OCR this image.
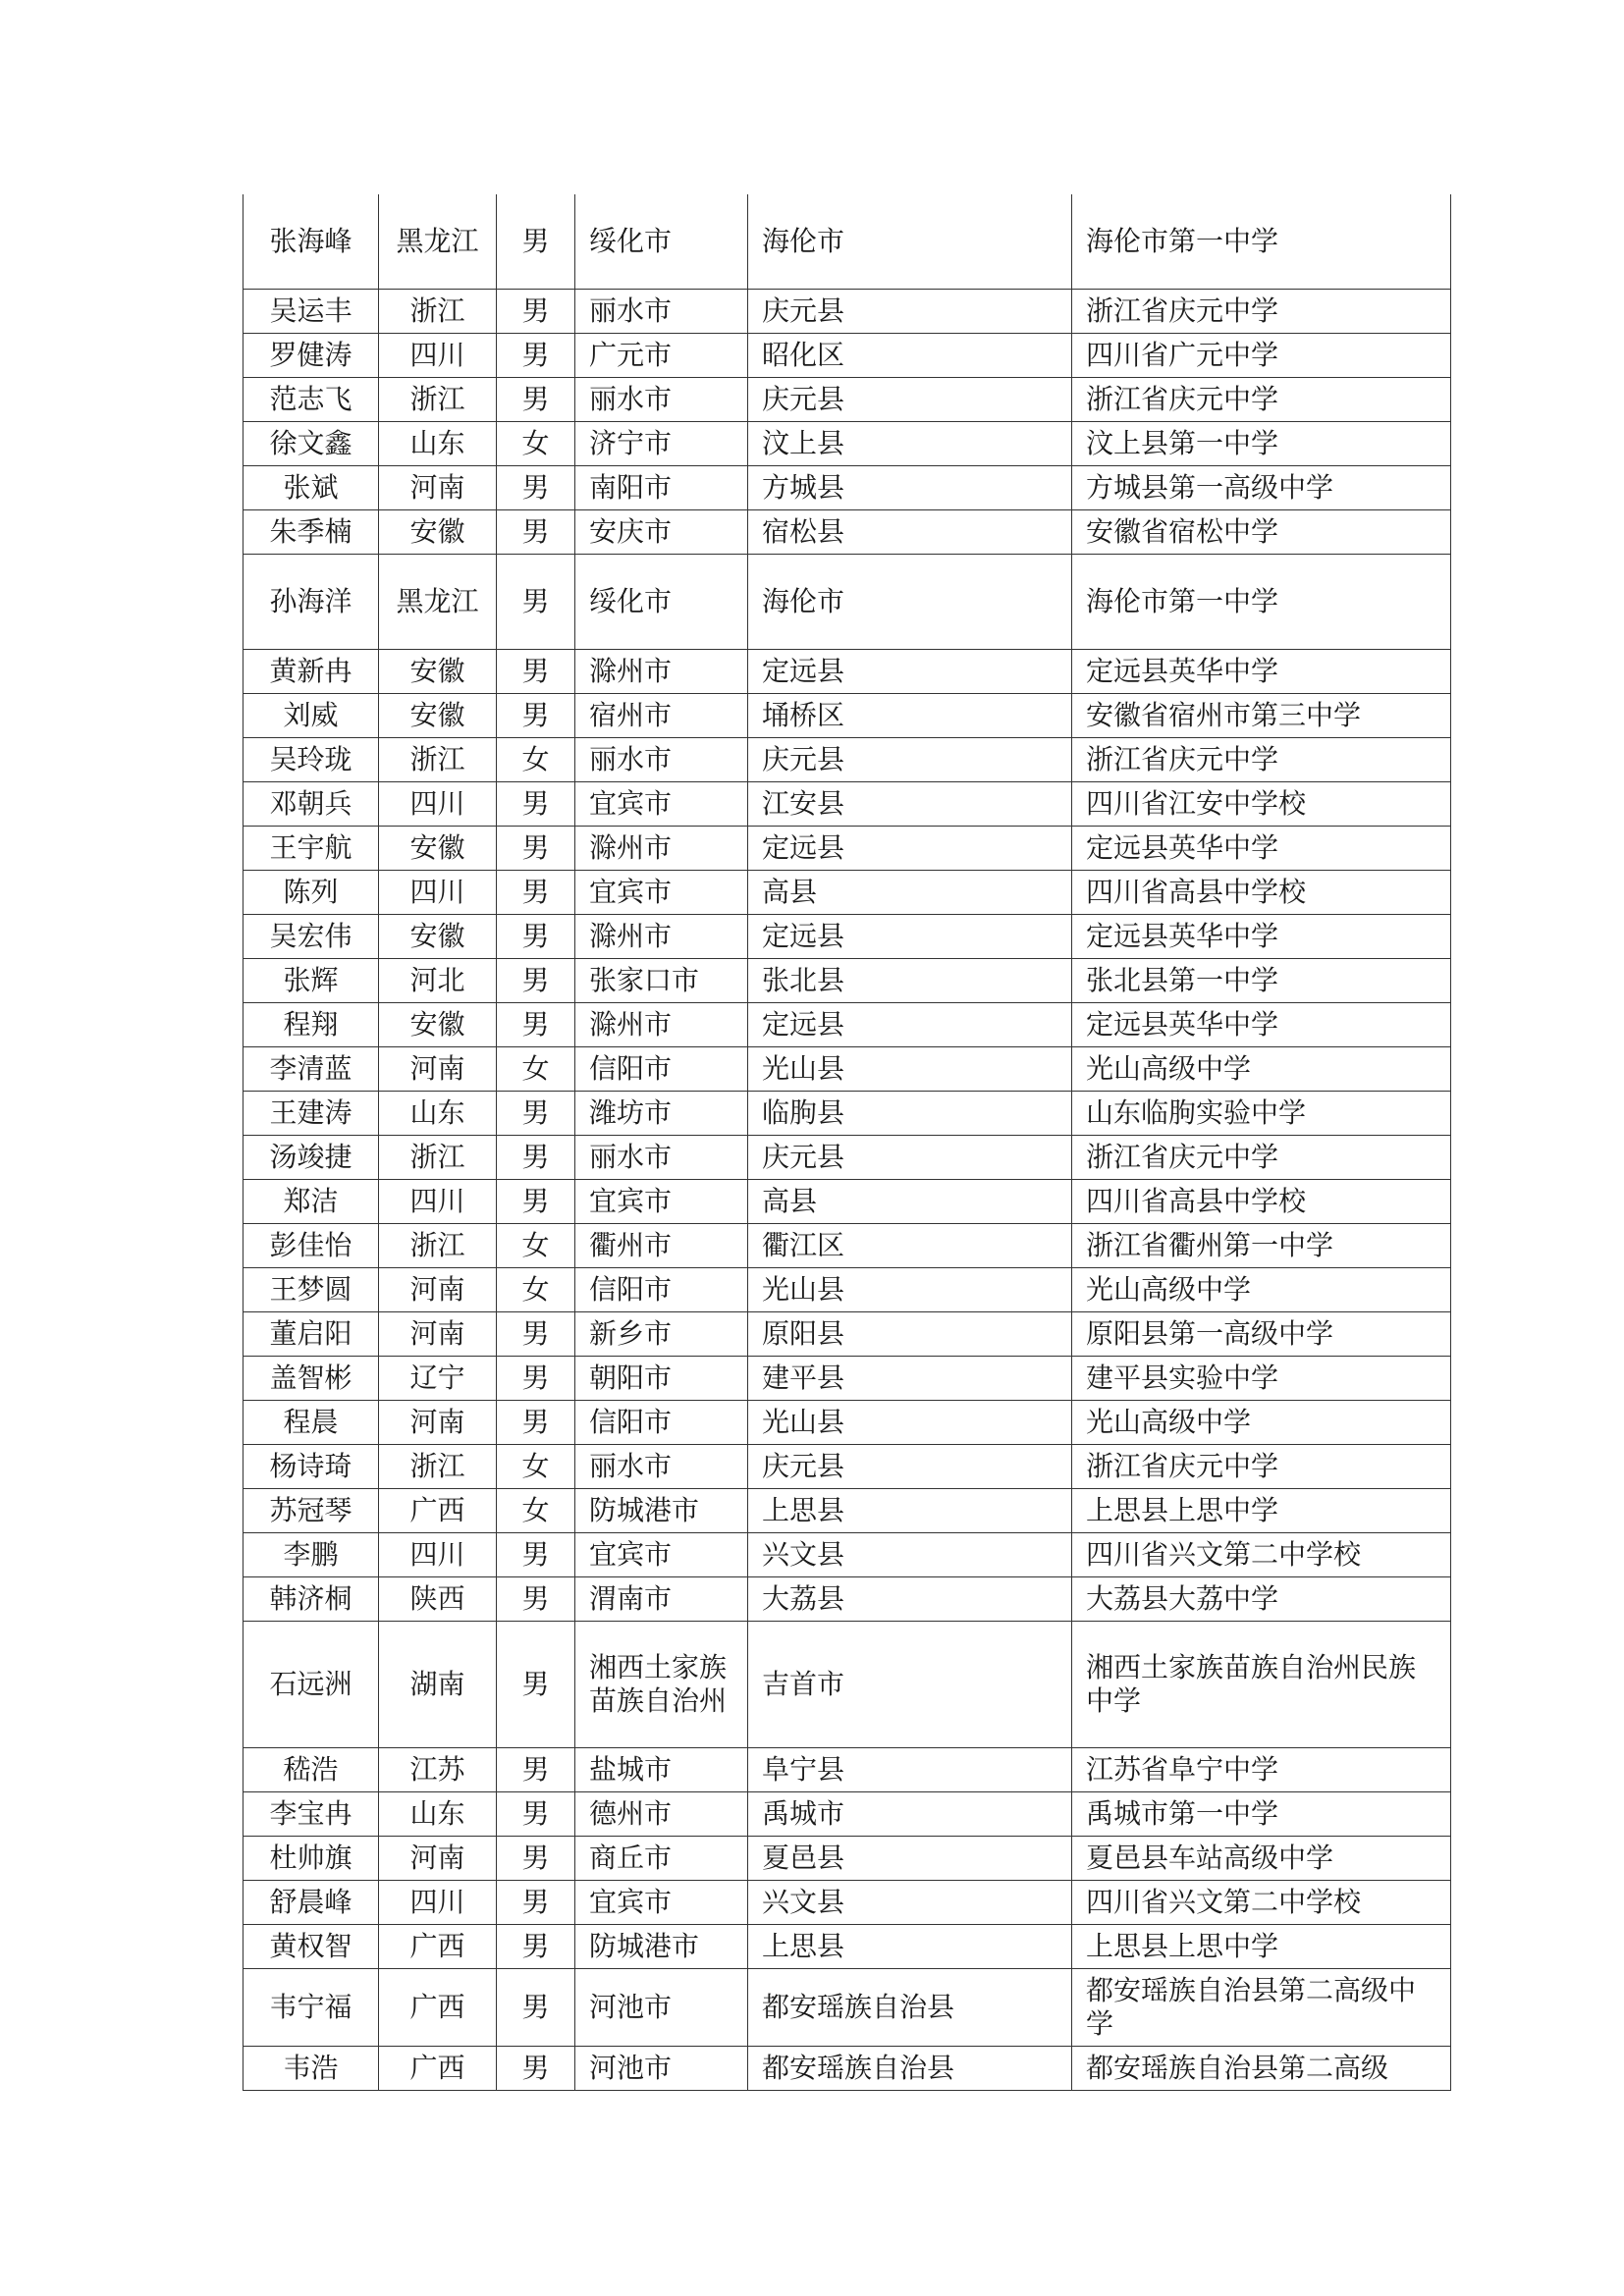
张海峰	黑龙江	男	绥化市	海伦市	海伦市第一中学
吴运丰	浙江	男	丽水市	庆元县	浙江省庆元中学
罗健涛	四川	男	广元市	昭化区	四川省广元中学
范志飞	浙江	男	丽水市	庆元县	浙江省庆元中学
徐文鑫	山东	女	济宁市	汶上县	汶上县第一中学
张斌	河南	男	南阳市	方城县	方城县第一高级中学
朱季楠	安徽	男	安庆市	宿松县	安徽省宿松中学
孙海洋	黑龙江	男	绥化市	海伦市	海伦市第一中学
黄新冉	安徽	男	滁州市	定远县	定远县英华中学
刘威	安徽	男	宿州市	埇桥区	安徽省宿州市第三中学
吴玲珑	浙江	女	丽水市	庆元县	浙江省庆元中学
邓朝兵	四川	男	宜宾市	江安县	四川省江安中学校
王宇航	安徽	男	滁州市	定远县	定远县英华中学
陈列	四川	男	宜宾市	高县	四川省高县中学校
吴宏伟	安徽	男	滁州市	定远县	定远县英华中学
张辉	河北	男	张家口市	张北县	张北县第一中学
程翔	安徽	男	滁州市	定远县	定远县英华中学
李清蓝	河南	女	信阳市	光山县	光山高级中学
王建涛	山东	男	潍坊市	临朐县	山东临朐实验中学
汤竣捷	浙江	男	丽水市	庆元县	浙江省庆元中学
郑洁	四川	男	宜宾市	高县	四川省高县中学校
彭佳怡	浙江	女	衢州市	衢江区	浙江省衢州第一中学
王梦圆	河南	女	信阳市	光山县	光山高级中学
董启阳	河南	男	新乡市	原阳县	原阳县第一高级中学
盖智彬	辽宁	男	朝阳市	建平县	建平县实验中学
程晨	河南	男	信阳市	光山县	光山高级中学
杨诗琦	浙江	女	丽水市	庆元县	浙江省庆元中学
苏冠琴	广西	女	防城港市	上思县	上思县上思中学
李鹏	四川	男	宜宾市	兴文县	四川省兴文第二中学校
韩济桐	陕西	男	渭南市	大荔县	大荔县大荔中学
石远洲	湖南	男	湘西土家族苗族自治州	吉首市	湘西土家族苗族自治州民族中学
嵇浩	江苏	男	盐城市	阜宁县	江苏省阜宁中学
李宝冉	山东	男	德州市	禹城市	禹城市第一中学
杜帅旗	河南	男	商丘市	夏邑县	夏邑县车站高级中学
舒晨峰	四川	男	宜宾市	兴文县	四川省兴文第二中学校
黄权智	广西	男	防城港市	上思县	上思县上思中学
韦宁福	广西	男	河池市	都安瑶族自治县	都安瑶族自治县第二高级中学
韦浩	广西	男	河池市	都安瑶族自治县	都安瑶族自治县第二高级
